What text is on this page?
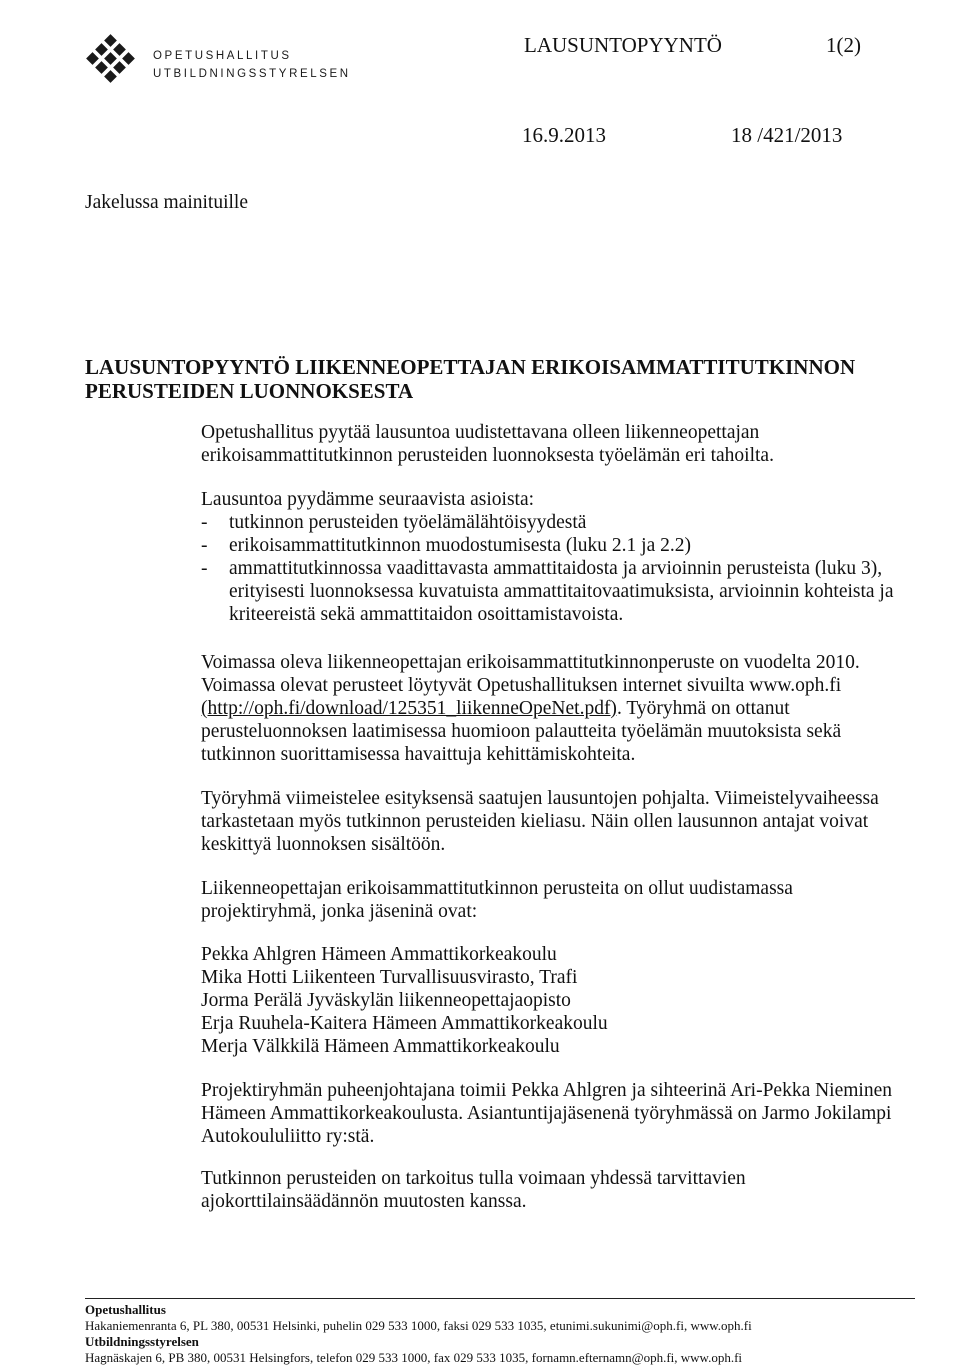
OPETUSHALLITUS
UTBILDNINGSSTYRELSEN
LAUSUNTOPYYNTÖ	1(2)
16.9.2013	18 /421/2013
Jakelussa mainituille
LAUSUNTOPYYNTÖ LIIKENNEOPETTAJAN ERIKOISAMMATTITUTKINNON
PERUSTEIDEN LUONNOKSESTA

Opetushallitus pyytää lausuntoa uudistettavana olleen liikenneopettajan erikoisammattitutkinnon perusteiden luonnoksesta työelämän eri tahoilta.

Lausuntoa pyydämme seuraavista asioista:

- tutkinnon perusteiden työelämälähtöisyydestä
- erikoisammattitutkinnon muodostumisesta (luku 2.1 ja 2.2)
- ammattitutkinnossa vaadittavasta ammattitaidosta ja arvioinnin perusteista (luku 3), erityisesti luonnoksessa kuvatuista ammattitaitovaatimuksista, arvioinnin kohteista ja kriteereistä sekä ammattitaidon osoittamistavoista.

Voimassa oleva liikenneopettajan erikoisammattitutkinnonperuste on vuodelta 2010. Voimassa olevat perusteet löytyvät Opetushallituksen internet sivuilta www.oph.fi (http://oph.fi/download/125351_liikenneOpeNet.pdf). Työryhmä on ottanut perusteluonnoksen laatimisessa huomioon palautteita työelämän muutoksista sekä tutkinnon suorittamisessa havaittuja kehittämiskohteita.

Työryhmä viimeistelee esityksensä saatujen lausuntojen pohjalta. Viimeistelyvaiheessa tarkastetaan myös tutkinnon perusteiden kieliasu. Näin ollen lausunnon antajat voivat keskittyä luonnoksen sisältöön.

Liikenneopettajan erikoisammattitutkinnon perusteita on ollut uudistamassa projektiryhmä, jonka jäseninä ovat:

Pekka Ahlgren Hämeen Ammattikorkeakoulu
Mika Hotti Liikenteen Turvallisuusvirasto, Trafi
Jorma Perälä Jyväskylän liikenneopettajaopisto
Erja Ruuhela-Kaitera Hämeen Ammattikorkeakoulu
Merja Välkkilä Hämeen Ammattikorkeakoulu

Projektiryhmän puheenjohtajana toimii Pekka Ahlgren ja sihteerinä Ari-Pekka Nieminen Hämeen Ammattikorkeakoulusta. Asiantuntijajäsenenä työryhmässä on Jarmo Jokilampi Autokoululiitto ry:stä.

Tutkinnon perusteiden on tarkoitus tulla voimaan yhdessä tarvittavien ajokorttilainsäädännön muutosten kanssa.

Opetushallitus
Hakaniemenranta 6, PL 380, 00531 Helsinki, puhelin 029 533 1000, faksi 029 533 1035, etunimi.sukunimi@oph.fi, www.oph.fi
Utbildningsstyrelsen
Hagnäskajen 6, PB 380, 00531 Helsingfors, telefon 029 533 1000, fax 029 533 1035, fornamn.efternamn@oph.fi, www.oph.fi
